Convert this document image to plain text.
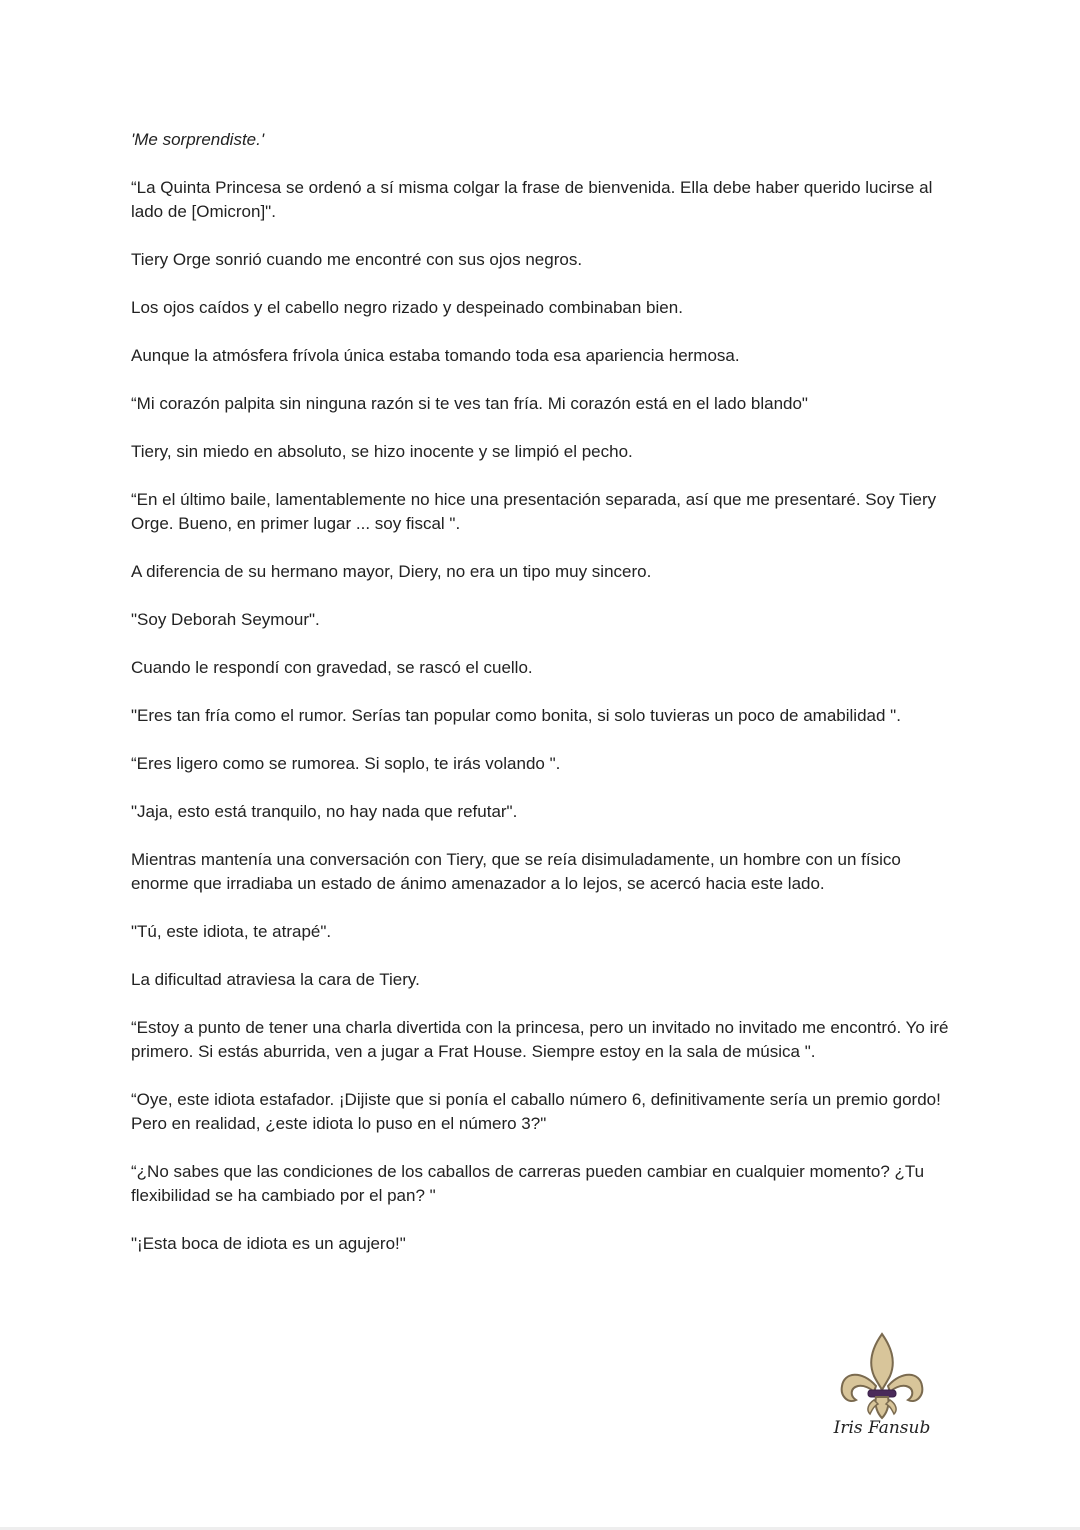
'Me sorprendiste.'

“La Quinta Princesa se ordenó a sí misma colgar la frase de bienvenida. Ella debe haber querido lucirse al lado de [Omicron]".

Tiery Orge sonrió cuando me encontré con sus ojos negros.

Los ojos caídos y el cabello negro rizado y despeinado combinaban bien.

Aunque la atmósfera frívola única estaba tomando toda esa apariencia hermosa.

“Mi corazón palpita sin ninguna razón si te ves tan fría. Mi corazón está en el lado blando"

Tiery, sin miedo en absoluto, se hizo inocente y se limpió el pecho.

“En el último baile, lamentablemente no hice una presentación separada, así que me presentaré. Soy Tiery Orge. Bueno, en primer lugar ... soy fiscal ".

A diferencia de su hermano mayor, Diery, no era un tipo muy sincero.

"Soy Deborah Seymour".

Cuando le respondí con gravedad, se rascó el cuello.

"Eres tan fría como el rumor. Serías tan popular como bonita, si solo tuvieras un poco de amabilidad ".

“Eres ligero como se rumorea. Si soplo, te irás volando ".

"Jaja, esto está tranquilo, no hay nada que refutar".

Mientras mantenía una conversación con Tiery, que se reía disimuladamente, un hombre con un físico enorme que irradiaba un estado de ánimo amenazador a lo lejos, se acercó hacia este lado.

"Tú, este idiota, te atrapé".

La dificultad atraviesa la cara de Tiery.

“Estoy a punto de tener una charla divertida con la princesa, pero un invitado no invitado me encontró. Yo iré primero. Si estás aburrida, ven a jugar a Frat House. Siempre estoy en la sala de música ".

“Oye, este idiota estafador. ¡Dijiste que si ponía el caballo número 6, definitivamente sería un premio gordo! Pero en realidad, ¿este idiota lo puso en el número 3?"

“¿No sabes que las condiciones de los caballos de carreras pueden cambiar en cualquier momento? ¿Tu flexibilidad se ha cambiado por el pan? "

"¡Esta boca de idiota es un agujero!"

Iris Fansub
